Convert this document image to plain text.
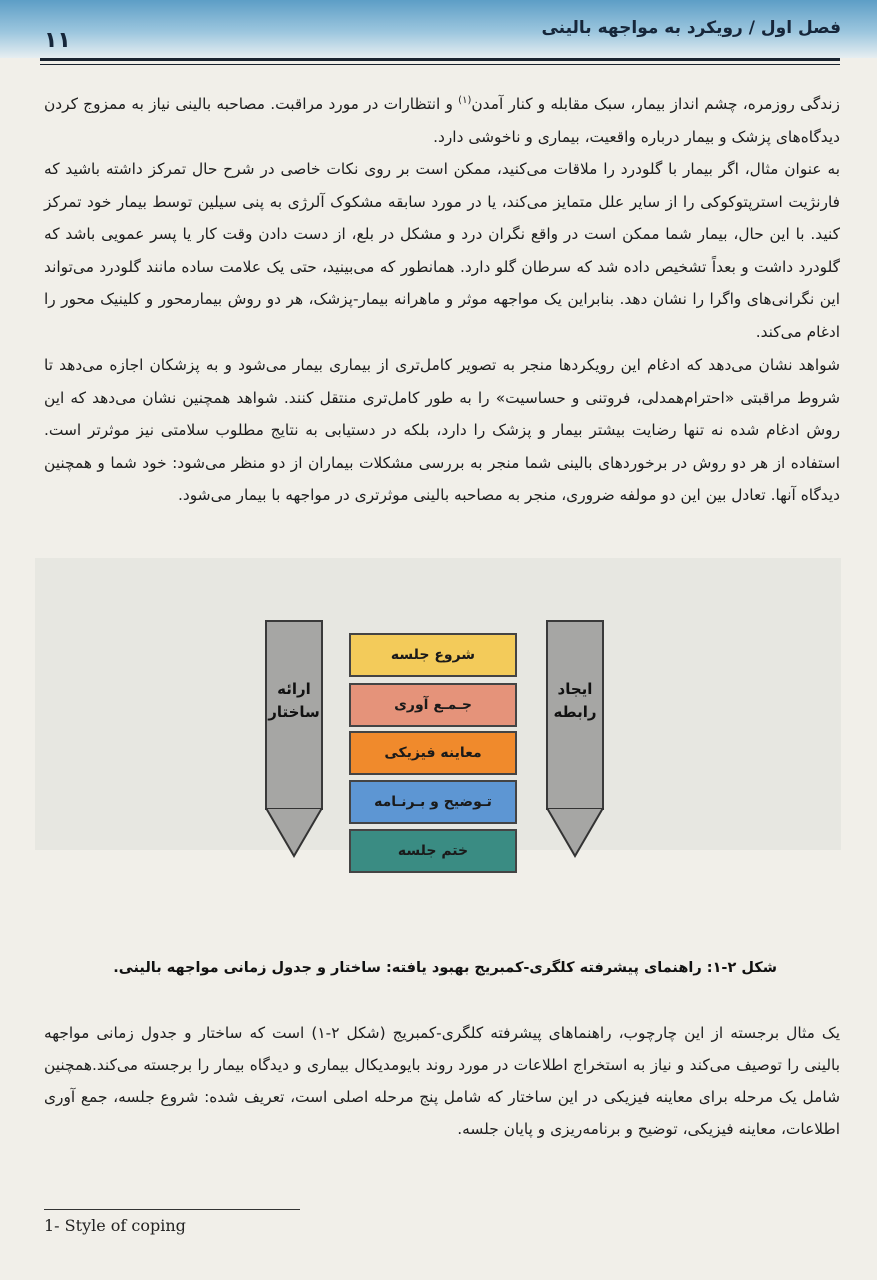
فصل اول / رویکرد به مواجهه بالینی
۱۱
زندگی روزمره، چشم انداز بیمار، سبک مقابله و کنار آمدن$^{(۱)}$ و انتظارات در مورد مراقبت. مصاحبه بالینی نیاز به ممزوج کردن دیدگاه‌های پزشک و بیمار درباره واقعیت، بیماری و ناخوشی دارد.
به عنوان مثال، اگر بیمار با گلودرد را ملاقات می‌کنید، ممکن است بر روی نکات خاصی در شرح حال تمرکز داشته باشید که فارنژیت استرپتوکوکی را از سایر علل متمایز می‌کند، یا در مورد سابقه مشکوک آلرژی به پنی سیلین توسط بیمار خود تمرکز کنید. با این حال، بیمار شما ممکن است در واقع نگران درد و مشکل در بلع، از دست دادن وقت کار یا پسر عمویی باشد که گلودرد داشت و بعداً تشخیص داده شد که سرطان گلو دارد. همانطور که می‌بینید، حتی یک علامت ساده مانند گلودرد می‌تواند این نگرانی‌های واگرا را نشان دهد. بنابراین یک مواجهه موثر و ماهرانه بیمار-پزشک، هر دو روش بیمارمحور و کلینیک محور را ادغام می‌کند.
شواهد نشان می‌دهد که ادغام این رویکردها منجر به تصویر کامل‌تری از بیماری بیمار می‌شود و به پزشکان اجازه می‌دهد تا شروط مراقبتی «احترام‌همدلی، فروتنی و حساسیت» را به طور کامل‌تری منتقل کنند. شواهد همچنین نشان می‌دهد که این روش ادغام شده نه تنها رضایت بیشتر بیمار و پزشک را دارد، بلکه در دستیابی به نتایج مطلوب سلامتی نیز موثرتر است. استفاده از هر دو روش در برخوردهای بالینی شما منجر به بررسی مشکلات بیماران از دو منظر می‌شود: خود شما و همچنین دیدگاه آنها. تعادل بین این دو مولفه ضروری، منجر به مصاحبه بالینی موثرتری در مواجهه با بیمار می‌شود.
ارائه
ساختار
ایجاد
رابطه
شروع جلسه
جـمـع آوری
معاینه فیزیکی
تـوضیح و بـرنـامه
ختم جلسه
شکل ۲-۱: راهنمای پیشرفته کلگری-کمبریج بهبود یافته: ساختار و جدول زمانی مواجهه بالینی.
یک مثال برجسته از این چارچوب، راهنماهای پیشرفته کلگری-کمبریج (شکل ۲-۱) است که ساختار و جدول زمانی مواجهه بالینی را توصیف می‌کند و نیاز به استخراج اطلاعات در مورد روند بایومدیکال بیماری و دیدگاه بیمار را برجسته می‌کند.همچنین شامل یک مرحله برای معاینه فیزیکی در این ساختار که شامل پنج مرحله اصلی است، تعریف شده: شروع جلسه، جمع آوری اطلاعات، معاینه فیزیکی، توضیح و برنامه‌ریزی و پایان جلسه.
1- Style of coping
